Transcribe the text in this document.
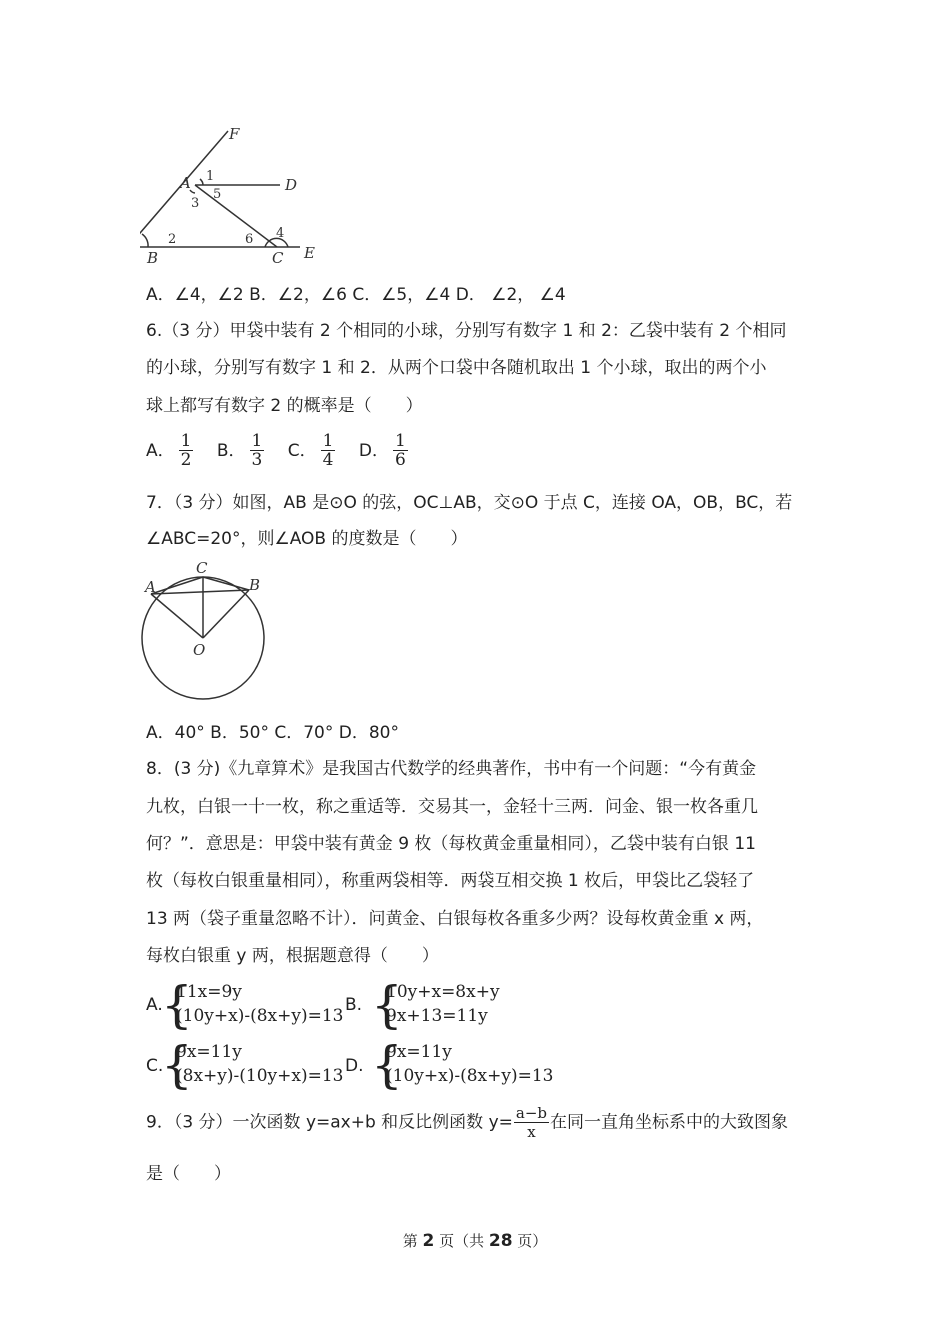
F
A	D
B	C E
1
3
5
2	6 4
A．∠4，∠2 B．∠2，∠6 C．∠5，∠4 D． ∠2， ∠4
6.（3 分）甲袋中装有 2 个相同的小球，分别写有数字 1 和 2：乙袋中装有 2 个相同
的小球，分别写有数字 1 和 2．从两个口袋中各随机取出 1 个小球，取出的两个小
球上都写有数字 2 的概率是（　　）
A． $\frac{1}{2}$ B． $\frac{1}{3}$ C． $\frac{1}{4}$ D． $\frac{1}{6}$
7．（3 分）如图，AB 是⊙O 的弦，OC⊥AB，交⊙O 于点 C，连接 OA，OB，BC，若
∠ABC=20°，则∠AOB 的度数是（　　）
A	B
C
O
A．40° B．50° C．70° D．80°
8．(3 分)《九章算术》是我国古代数学的经典著作，书中有一个问题：“今有黄金
九枚，白银一十一枚，称之重适等．交易其一，金轻十三两．问金、银一枚各重几
何？”．意思是：甲袋中装有黄金 9 枚（每枚黄金重量相同），乙袋中装有白银 11
枚（每枚白银重量相同），称重两袋相等．两袋互相交换 1 枚后，甲袋比乙袋轻了
13 两（袋子重量忽略不计）．问黄金、白银每枚各重多少两？设每枚黄金重 x 两，
每枚白银重 y 两，根据题意得（　　）
A.
{
11x=9y
(10y+x)-(8x+y)=13
B. {
10y+x=8x+y
9x+13=11y
C.
{
9x=11y
(8x+y)-(10y+x)=13 D. {
9x=11y
(10y+x)-(8x+y)=13
9．（3 分）一次函数 y=ax+b 和反比例函数 $y= \frac{a-b}{x}$ 在同一直角坐标系中的大致图象
是（　　）
第 2 页（共 28 页）
